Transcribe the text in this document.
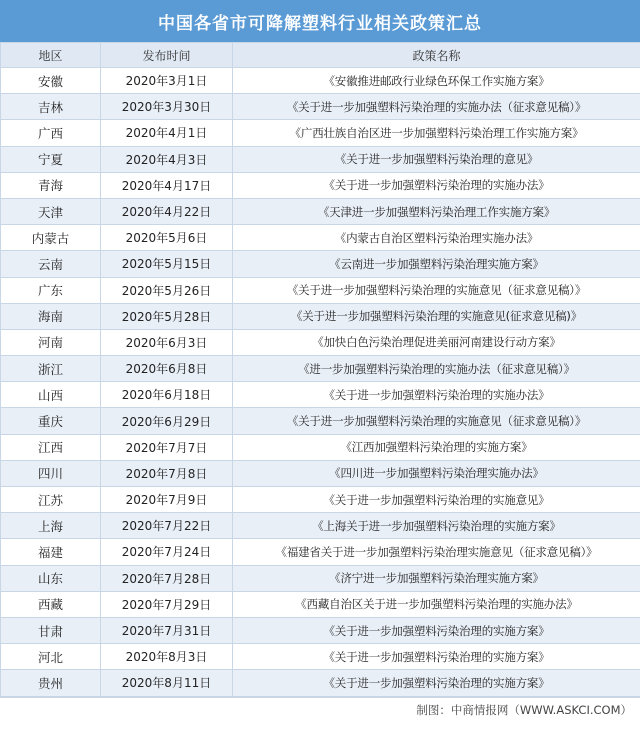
中国各省市可降解塑料行业相关政策汇总
地区	发布时间	政策名称
安徽	2020年3月1日	《安徽推进邮政行业绿色环保工作实施方案》
吉林	2020年3月30日	《关于进一步加强塑料污染治理的实施办法（征求意见稿）》
广西	2020年4月1日	《广西壮族自治区进一步加强塑料污染治理工作实施方案》
宁夏	2020年4月3日	《关于进一步加强塑料污染治理的意见》
青海	2020年4月17日	《关于进一步加强塑料污染治理的实施办法》
天津	2020年4月22日	《天津进一步加强塑料污染治理工作实施方案》
内蒙古	2020年5月6日	《内蒙古自治区塑料污染治理实施办法》
云南	2020年5月15日	《云南进一步加强塑料污染治理实施方案》
广东	2020年5月26日	《关于进一步加强塑料污染治理的实施意见（征求意见稿）》
海南	2020年5月28日	《关于进一步加强塑料污染治理的实施意见(征求意见稿)》
河南	2020年6月3日	《加快白色污染治理促进美丽河南建设行动方案》
浙江	2020年6月8日	《进一步加强塑料污染治理的实施办法（征求意见稿）》
山西	2020年6月18日	《关于进一步加强塑料污染治理的实施办法》
重庆	2020年6月29日	《关于进一步加强塑料污染治理的实施意见（征求意见稿）》
江西	2020年7月7日	《江西加强塑料污染治理的实施方案》
四川	2020年7月8日	《四川进一步加强塑料污染治理实施办法》
江苏	2020年7月9日	《关于进一步加强塑料污染治理的实施意见》
上海	2020年7月22日	《上海关于进一步加强塑料污染治理的实施方案》
福建	2020年7月24日	《福建省关于进一步加强塑料污染治理实施意见（征求意见稿）》
山东	2020年7月28日	《济宁进一步加强塑料污染治理实施方案》
西藏	2020年7月29日	《西藏自治区关于进一步加强塑料污染治理的实施办法》
甘肃	2020年7月31日	《关于进一步加强塑料污染治理的实施方案》
河北	2020年8月3日	《关于进一步加强塑料污染治理的实施方案》
贵州	2020年8月11日	《关于进一步加强塑料污染治理的实施方案》
制图：中商情报网（WWW.ASKCI.COM）
